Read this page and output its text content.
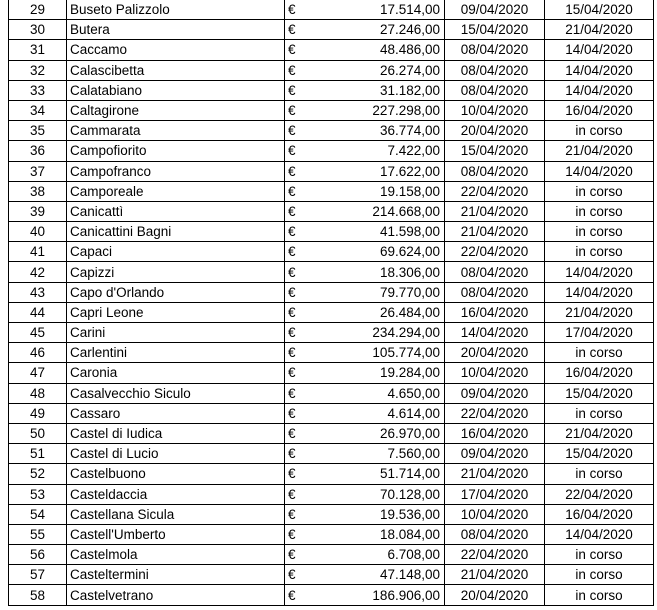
29	Buseto Palizzolo	€	17.514,00	09/04/2020	15/04/2020
30	Butera	€	27.246,00	15/04/2020	21/04/2020
31	Caccamo	€	48.486,00	08/04/2020	14/04/2020
32	Calascibetta	€	26.274,00	08/04/2020	14/04/2020
33	Calatabiano	€	31.182,00	08/04/2020	14/04/2020
34	Caltagirone	€	227.298,00	10/04/2020	16/04/2020
35	Cammarata	€	36.774,00	20/04/2020	in corso
36	Campofiorito	€	7.422,00	15/04/2020	21/04/2020
37	Campofranco	€	17.622,00	08/04/2020	14/04/2020
38	Camporeale	€	19.158,00	22/04/2020	in corso
39	Canicattì	€	214.668,00	21/04/2020	in corso
40	Canicattini Bagni	€	41.598,00	21/04/2020	in corso
41	Capaci	€	69.624,00	22/04/2020	in corso
42	Capizzi	€	18.306,00	08/04/2020	14/04/2020
43	Capo d'Orlando	€	79.770,00	08/04/2020	14/04/2020
44	Capri Leone	€	26.484,00	16/04/2020	21/04/2020
45	Carini	€	234.294,00	14/04/2020	17/04/2020
46	Carlentini	€	105.774,00	20/04/2020	in corso
47	Caronia	€	19.284,00	10/04/2020	16/04/2020
48	Casalvecchio Siculo	€	4.650,00	09/04/2020	15/04/2020
49	Cassaro	€	4.614,00	22/04/2020	in corso
50	Castel di Iudica	€	26.970,00	16/04/2020	21/04/2020
51	Castel di Lucio	€	7.560,00	09/04/2020	15/04/2020
52	Castelbuono	€	51.714,00	21/04/2020	in corso
53	Casteldaccia	€	70.128,00	17/04/2020	22/04/2020
54	Castellana Sicula	€	19.536,00	10/04/2020	16/04/2020
55	Castell'Umberto	€	18.084,00	08/04/2020	14/04/2020
56	Castelmola	€	6.708,00	22/04/2020	in corso
57	Casteltermini	€	47.148,00	21/04/2020	in corso
58	Castelvetrano	€	186.906,00	20/04/2020	in corso
